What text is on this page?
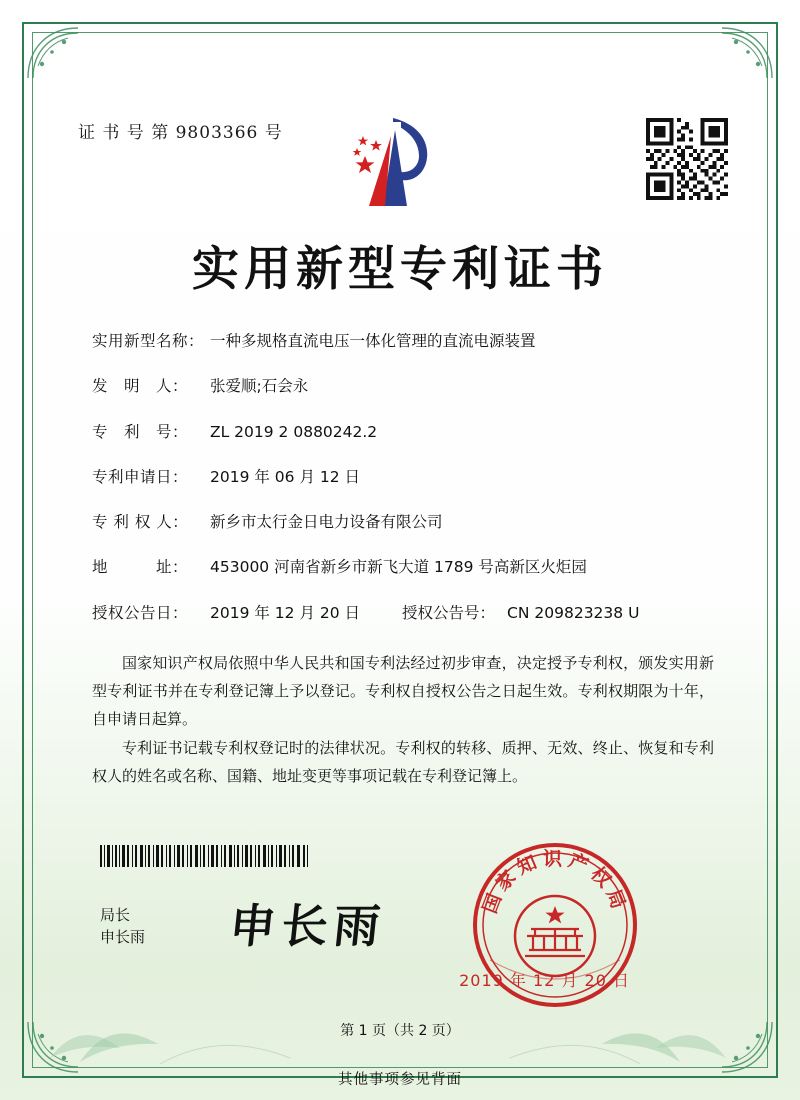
证 书 号 第 9803366 号
实用新型专利证书
实用新型名称： 一种多规格直流电压一体化管理的直流电源装置
发　明　人：	张爱顺;石会永
专　利　号：	ZL 2019 2 0880242.2
专利申请日：	2019 年 06 月 12 日
专 利 权 人：	新乡市太行金日电力设备有限公司
地　　　址：	453000 河南省新乡市新飞大道 1789 号高新区火炬园
授权公告日：	2019 年 12 月 20 日	授权公告号： CN 209823238 U

国家知识产权局依照中华人民共和国专利法经过初步审查，决定授予专利权，颁发实用新型专利证书并在专利登记簿上予以登记。专利权自授权公告之日起生效。专利权期限为十年，自申请日起算。

专利证书记载专利权登记时的法律状况。专利权的转移、质押、无效、终止、恢复和专利权人的姓名或名称、国籍、地址变更等事项记载在专利登记簿上。

局长
申长雨 申长雨	国家知识产权局
2019 年 12 月 20 日
第 1 页（共 2 页）
其他事项参见背面
